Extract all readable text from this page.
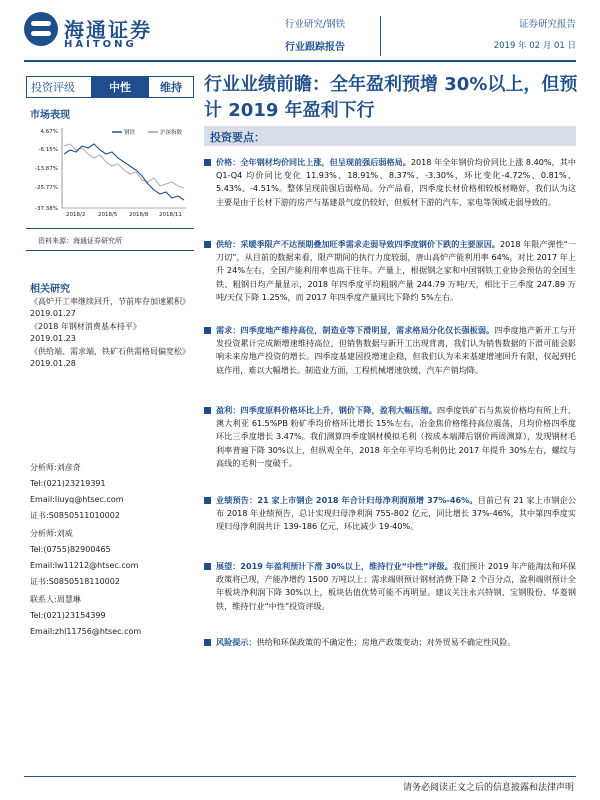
海通证券
HAITONG
行业研究/钢铁
行业跟踪报告
证券研究报告
2019 年 02 月 01 日
投资评级	中性	维持
市场表现
4.67%
-6.15%
-13.87%
-25.77%
-37.38%
2018/2 2018/5 2018/8 2018/11
钢铁	沪深指数
资料来源：海通证券研究所
相关研究
《高炉开工率继续回升，节前库存加速累积》
2019.01.27
《2018 年钢材消费基本持平》
2019.01.23
《供给端、需求端，铁矿石供需格局偏宽松》
2019.01.28
分析师:刘彦奇
Tel:(021)23219391
Email:liuyq@htsec.com
证书:S0850511010002
分析师:刘威
Tel:(0755)82900465
Email:lw11212@htsec.com
证书:S0850518110002
联系人:周慧琳
Tel:(021)23154399
Email:zhl11756@htsec.com
行业业绩前瞻：全年盈利预增 30%以上，但预计 2019 年盈利下行
投资要点：
价格：全年钢材均价同比上涨，但呈现前强后弱格局。2018 年全年钢价均价同比上涨 8.40%，其中 Q1-Q4 均价同比变化 11.93%、18.91%、8.37%、-3.30%，环比变化-4.72%、0.81%、5.43%、-4.51%。整体呈现前强后弱格局。分产品看，四季度长材价格相较板材略好，我们认为这主要是由于长材下游的房产与基建景气度仍较好，但板材下游的汽车、家电等领域走弱导致的。
供给：采暖季限产不达预期叠加旺季需求走弱导致四季度钢价下跌的主要原因。2018 年限产弹性“一刀切”，从目前的数据来看，限产期间的执行力度较弱，唐山高炉产能利用率 64%，对比 2017 年上升 24%左右，全国产能利用率也高于往年。产量上，根据钢之家和中国钢铁工业协会预估的全国生铁、粗钢日均产量显示，2018 年四季度平均粗钢产量 244.79 万吨/天，相比于三季度 247.89 万吨/天仅下降 1.25%，而 2017 年四季度产量同比下降约 5%左右。
需求：四季度地产维持高位，制造业等下滑明显，需求格局分化仅长强板弱。四季度地产新开工与开发投资累计完成额增速维持高位，但销售数据与新开工出现背离，我们认为销售数据的下滑可能会影响未来房地产投资的增长。四季度基建因投增速企稳，但我们认为未来基建增速回升有限，仅起到托底作用，难以大幅增长。制造业方面，工程机械增速放缓，汽车产销均降。
盈利：四季度原料价格环比上升，钢价下降，盈利大幅压缩。四季度铁矿石与焦炭价格均有所上升，澳大利亚 61.5%PB 粉矿季均价格环比增长 15%左右，冶金焦价格维持高位震荡，月均价格四季度环比三季度增长 3.47%。我们测算四季度钢材模拟毛利（按成本端滞后钢价两周测算），发现钢材毛利率普遍下降 30%以上，但纵观全年，2018 年全年平均毛利仍比 2017 年提升 30%左右，螺纹与高线的毛利一度破千。
业绩预告：21 家上市钢企 2018 年合计归母净利润预增 37%-46%。目前已有 21 家上市钢企公布 2018 年业绩预告，总计实现归母净利润 755-802 亿元，同比增长 37%-46%，其中第四季度实现归母净利润共计 139-186 亿元，环比减少 19-40%。
展望：2019 年盈利预计下滑 30%以上，维持行业“中性”评级。我们预计 2019 年产能淘汰和环保政策将已现，产能净增约 1500 万吨以上；需求端则预计钢材消费下降 2 个百分点，盈利端则预计全年板块净利润下降 30%以上，板块估值优势可能不再明显。建议关注永兴特钢、宝钢股份、华菱钢铁，维持行业“中性”投资评级。
风险提示：供给和环保政策的不确定性；房地产政策变动；对外贸易不确定性风险。
请务必阅读正文之后的信息披露和法律声明
